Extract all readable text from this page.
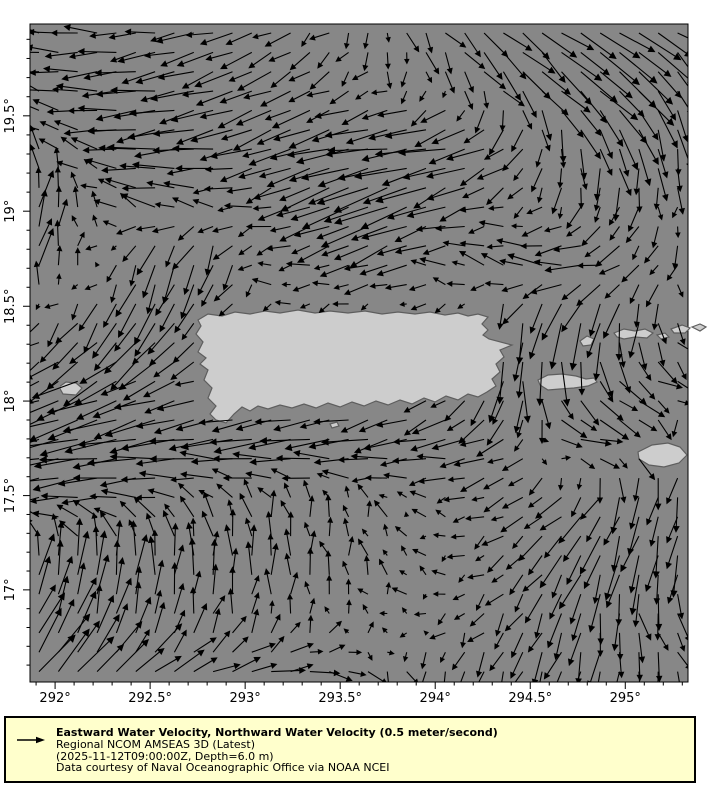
292°	292.5°	293°	293.5°	294°	294.5°	295°
17°
17.5°
18°
18.5°
19°
19.5°
Eastward Water Velocity, Northward Water Velocity (0.5 meter/second)
Regional NCOM AMSEAS 3D (Latest)
(2025-11-12T09:00:00Z, Depth=6.0 m)
Data courtesy of Naval Oceanographic Office via NOAA NCEI
